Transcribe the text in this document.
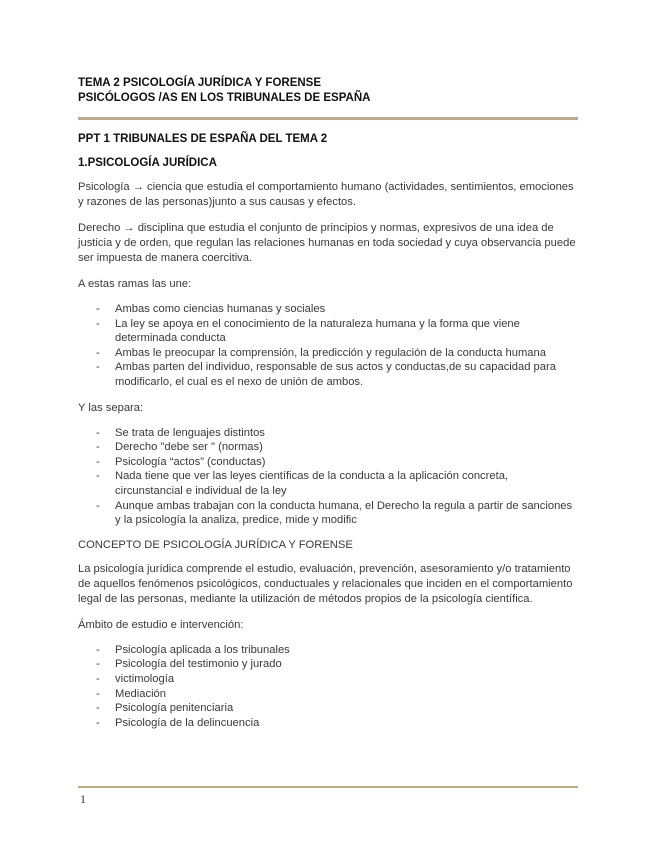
TEMA 2 PSICOLOGÍA JURÍDICA Y FORENSE
PSICÓLOGOS /AS EN LOS TRIBUNALES DE ESPAÑA
PPT 1 TRIBUNALES DE ESPAÑA DEL TEMA 2
1.PSICOLOGÍA JURÍDICA

Psicología → ciencia que estudia el comportamiento humano (actividades, sentimientos, emociones y razones de las personas)junto a sus causas y efectos.

Derecho → disciplina que estudia el conjunto de principios y normas, expresivos de una idea de justicia y de orden, que regulan las relaciones humanas en toda sociedad y cuya observancia puede ser impuesta de manera coercitiva.

A estas ramas las une:

- Ambas como ciencias humanas y sociales
- La ley se apoya en el conocimiento de la naturaleza humana y la forma que viene determinada conducta
- Ambas le preocupar la comprensión, la predicción y regulación de la conducta humana
- Ambas parten del individuo, responsable de sus actos y conductas,de su capacidad para modificarlo, el cual es el nexo de unión de ambos.

Y las separa:

- Se trata de lenguajes distintos
- Derecho "debe ser " (normas)
- Psicología “actos” (conductas)
- Nada tiene que ver las leyes científicas de la conducta a la aplicación concreta, circunstancial e individual de la ley
- Aunque ambas trabajan con la conducta humana, el Derecho la regula a partir de sanciones y la psicología la analiza, predice, mide y modific
CONCEPTO DE PSICOLOGÍA JURÍDICA Y FORENSE

La psicología jurídica comprende el estudio, evaluación, prevención, asesoramiento y/o tratamiento de aquellos fenómenos psicológicos, conductuales y relacionales que inciden en el comportamiento legal de las personas, mediante la utilización de métodos propios de la psicología científica.

Ámbito de estudio e intervención:

- Psicología aplicada a los tribunales
- Psicología del testimonio y jurado
- victimología
- Mediación
- Psicología penitenciaria
- Psicología de la delincuencia
1
